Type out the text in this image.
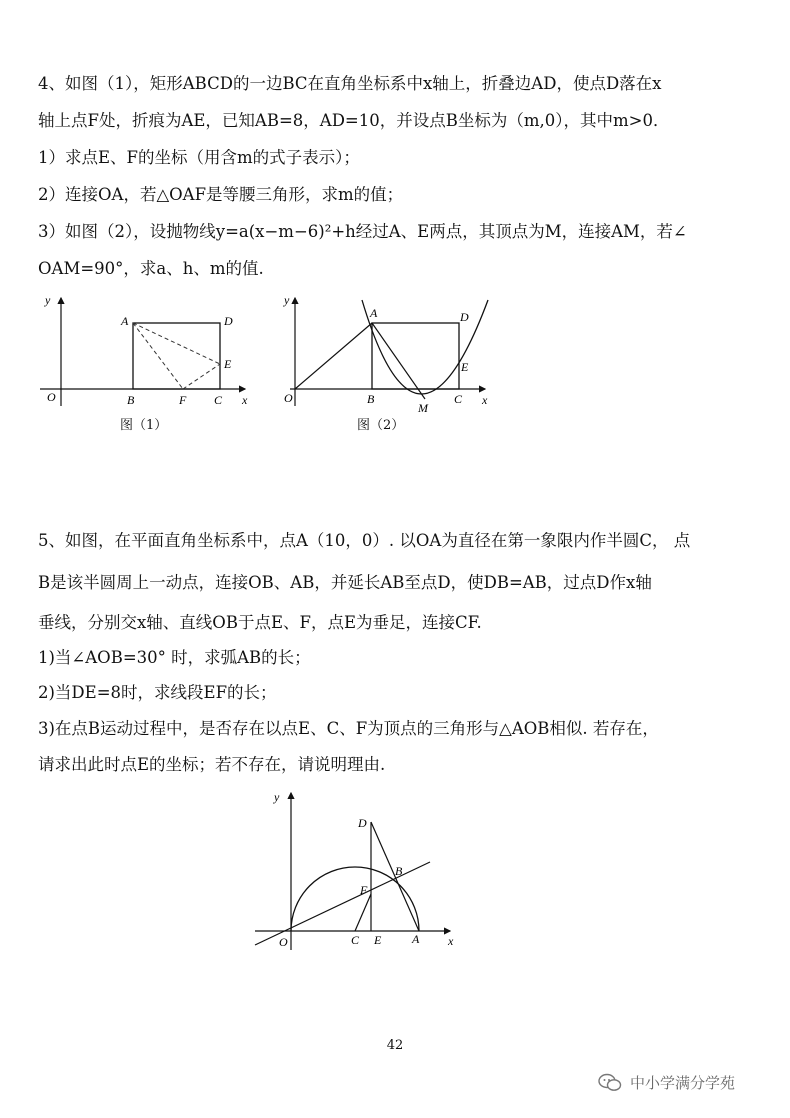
4、如图（1），矩形ABCD的一边BC在直角坐标系中x轴上，折叠边AD，使点D落在x
轴上点F处，折痕为AE，已知AB=8，AD=10，并设点B坐标为（m,0），其中m>0．
1）求点E、F的坐标（用含m的式子表示）；
2）连接OA，若△OAF是等腰三角形，求m的值；
3）如图（2），设抛物线y=a(x−m−6)²+h经过A、E两点，其顶点为M，连接AM，若∠
OAM=90°，求a、h、m的值.
y
x
O
A	D
E
B	F C
图（1）
y
x
O
A	D
E
B
M
C
图（2）
5、如图，在平面直角坐标系中，点A（10，0）. 以OA为直径在第一象限内作半圆C， 点
B是该半圆周上一动点，连接OB、AB，并延长AB至点D，使DB=AB，过点D作x轴
垂线，分别交x轴、直线OB于点E、F，点E为垂足，连接CF.
1)当∠AOB=30° 时，求弧AB的长；
2)当DE=8时，求线段EF的长；
3)在点B运动过程中，是否存在以点E、C、F为顶点的三角形与△AOB相似. 若存在，
请求出此时点E的坐标；若不存在，请说明理由.
y
x
O
D
B
F
C E	A
42
中小学满分学苑
